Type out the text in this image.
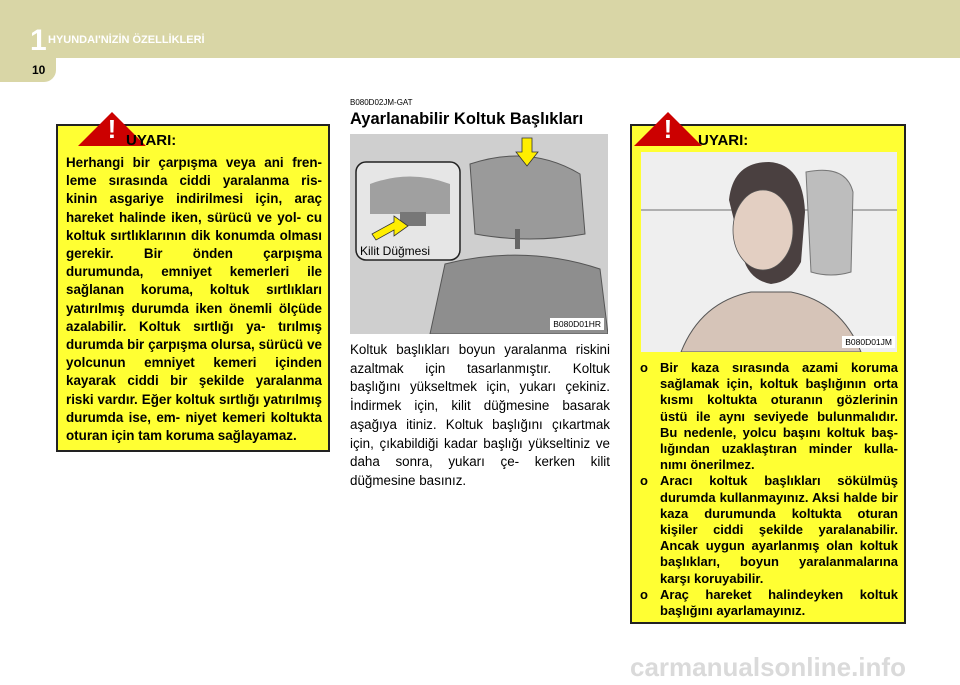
1 HYUNDAI'NİZİN ÖZELLİKLERİ
10
! UYARI:
Herhangi bir çarpışma veya ani fren- leme sırasında ciddi yaralanma ris- kinin asgariye indirilmesi için, araç hareket halinde iken, sürücü ve yol- cu koltuk sırtlıklarının dik konumda olması gerekir. Bir önden çarpışma durumunda, emniyet kemerleri ile sağlanan koruma, koltuk sırtlıkları yatırılmış durumda iken önemli ölçüde azalabilir. Koltuk sırtlığı ya- tırılmış durumda bir çarpışma olursa, sürücü ve yolcunun emniyet kemeri içinden kayarak ciddi bir şekilde yaralanma riski vardır. Eğer koltuk sırtlığı yatırılmış durumda ise, em- niyet kemeri koltukta oturan için tam koruma sağlayamaz.
B080D02JM-GAT
Ayarlanabilir Koltuk Başlıkları
B080D01HR
Kilit Düğmesi
Koltuk başlıkları boyun yaralanma riskini azaltmak için tasarlanmıştır. Koltuk başlığını yükseltmek için, yukarı çekiniz. İndirmek için, kilit düğmesine basarak aşağıya itiniz. Koltuk başlığını çıkartmak için, çıkabildiği kadar başlığı yükseltiniz ve daha sonra, yukarı çe- kerken kilit düğmesine basınız.
!	UYARI:
B080D01JM
o Bir kaza sırasında azami koruma sağlamak için, koltuk başlığının orta kısmı koltukta oturanın gözlerinin üstü ile aynı seviyede bulunmalıdır. Bu nedenle, yolcu başını koltuk baş- lığından uzaklaştıran minder kulla- nımı önerilmez.
o Aracı koltuk başlıkları sökülmüş durumda kullanmayınız. Aksi halde bir kaza durumunda koltukta oturan kişiler ciddi şekilde yaralanabilir. Ancak uygun ayarlanmış olan koltuk başlıkları, boyun yaralanmalarına karşı koruyabilir.
o Araç hareket halindeyken koltuk başlığını ayarlamayınız.
carmanualsonline.info
